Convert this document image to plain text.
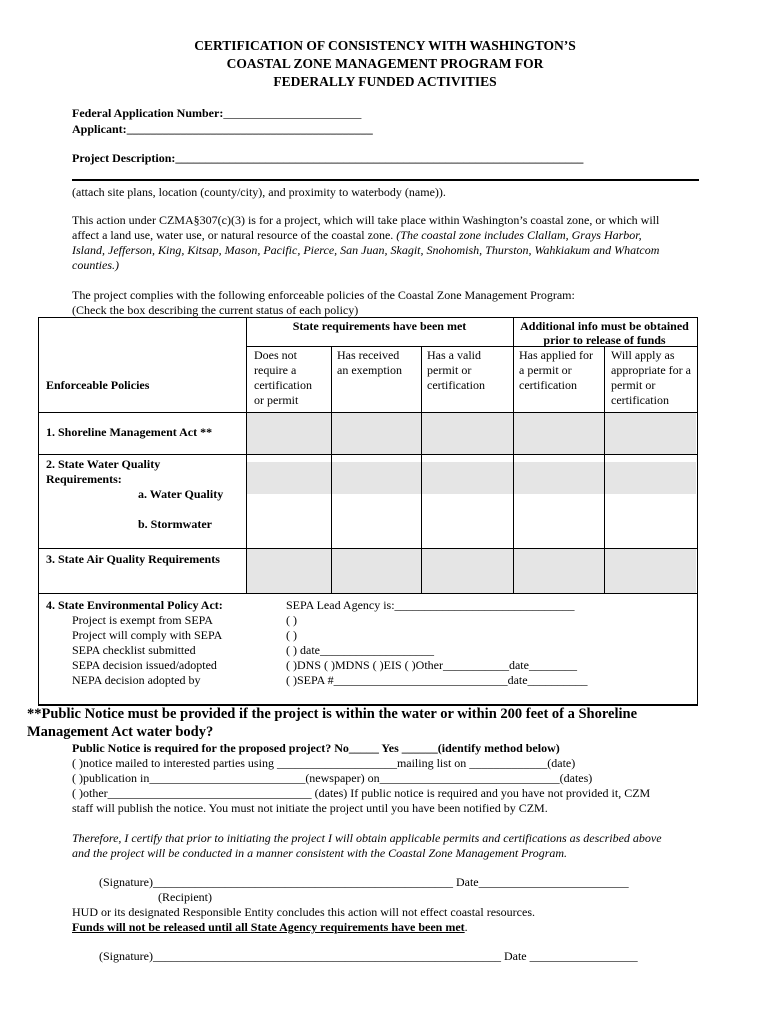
CERTIFICATION OF CONSISTENCY WITH WASHINGTON’S
COASTAL ZONE MANAGEMENT PROGRAM FOR
FEDERALLY FUNDED ACTIVITIES
Federal Application Number:_______________________
Applicant:_________________________________________
Project Description:____________________________________________________________________
(attach site plans, location (county/city), and proximity to waterbody (name)).
This action under CZMA§307(c)(3) is for a project, which will take place within Washington’s coastal zone, or which will
affect a land use, water use, or natural resource of the coastal zone. (The coastal zone includes Clallam, Grays Harbor,
Island, Jefferson, King, Kitsap, Mason, Pacific, Pierce, San Juan, Skagit, Snohomish, Thurston, Wahkiakum and Whatcom
counties.)
The project complies with the following enforceable policies of the Coastal Zone Management Program:
(Check the box describing the current status of each policy)
State requirements have been met	Additional info must be obtained
prior to release of funds
Enforceable Policies
Does not
require a
certification
or permit
Has received
an exemption
Has a valid
permit or
certification
Has applied for
a permit or
certification
Will apply as
appropriate for a
permit or
certification
1. Shoreline Management Act **
2. State Water Quality
Requirements:
a. Water Quality
b. Stormwater
3. State Air Quality Requirements
4. State Environmental Policy Act:
Project is exempt from SEPA
Project will comply with SEPA
SEPA checklist submitted
SEPA decision issued/adopted
NEPA decision adopted by
SEPA Lead Agency is:______________________________
( )
( )
( ) date___________________
( )DNS ( )MDNS ( )EIS ( )Other___________date________
( )SEPA #_____________________________date__________
**Public Notice must be provided if the project is within the water or within 200 feet of a Shoreline
Management Act water body?
Public Notice is required for the proposed project? No_____ Yes ______(identify method below)
( )notice mailed to interested parties using ____________________mailing list on _____________(date)
( )publication in__________________________(newspaper) on______________________________(dates)
( )other__________________________________ (dates) If public notice is required and you have not provided it, CZM
staff will publish the notice. You must not initiate the project until you have been notified by CZM.
Therefore, I certify that prior to initiating the project I will obtain applicable permits and certifications as described above
and the project will be conducted in a manner consistent with the Coastal Zone Management Program.
(Signature)__________________________________________________ Date_________________________
(Recipient)
HUD or its designated Responsible Entity concludes this action will not effect coastal resources.
Funds will not be released until all State Agency requirements have been met.
(Signature)__________________________________________________________ Date __________________
